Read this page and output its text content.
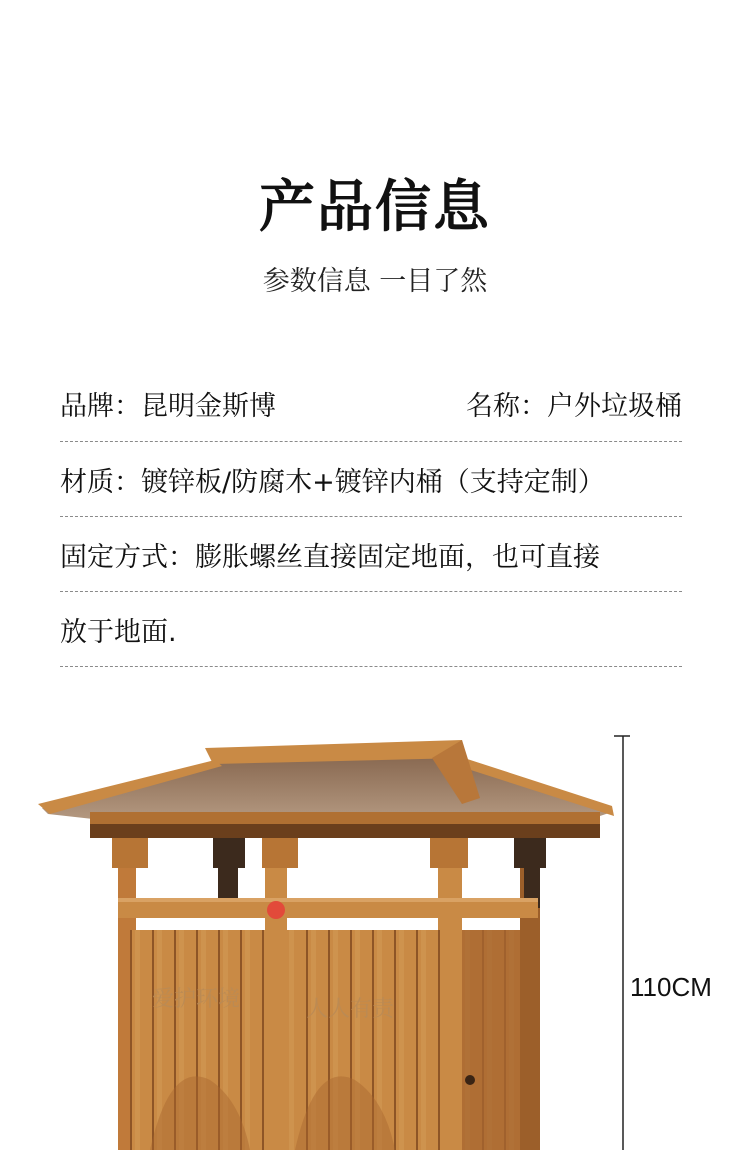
产品信息
参数信息 一目了然
品牌：昆明金斯博	名称：户外垃圾桶
材质：镀锌板/防腐木+镀锌内桶（支持定制）
固定方式：膨胀螺丝直接固定地面，也可直接
放于地面.
爱护环境	人人有责
110CM
